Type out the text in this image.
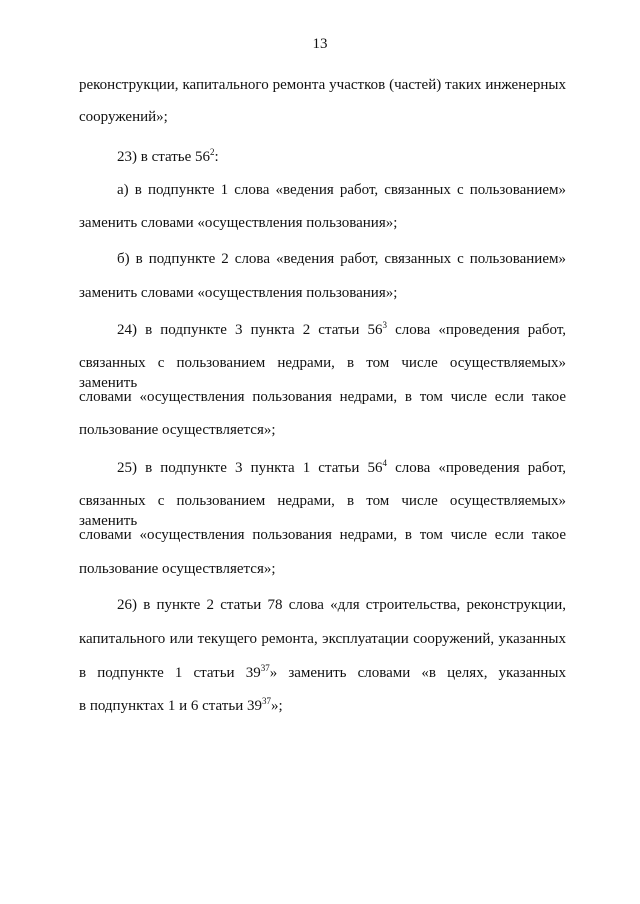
13
реконструкции, капитального ремонта участков (частей) таких инженерных
сооружений»;
23) в статье $56^2$:
а) в подпункте 1 слова «ведения работ, связанных с пользованием»
заменить словами «осуществления пользования»;
б) в подпункте 2 слова «ведения работ, связанных с пользованием»
заменить словами «осуществления пользования»;
24) в подпункте 3 пункта 2 статьи $56^3$ слова «проведения работ,
связанных с пользованием недрами, в том числе осуществляемых» заменить
словами «осуществления пользования недрами, в том числе если такое
пользование осуществляется»;
25) в подпункте 3 пункта 1 статьи $56^4$ слова «проведения работ,
связанных с пользованием недрами, в том числе осуществляемых» заменить
словами «осуществления пользования недрами, в том числе если такое
пользование осуществляется»;
26) в пункте 2 статьи 78 слова «для строительства, реконструкции,
капитального или текущего ремонта, эксплуатации сооружений, указанных
в подпункте 1 статьи $39^{37}$» заменить словами «в целях, указанных
в подпунктах 1 и 6 статьи $39^{37}$»;
